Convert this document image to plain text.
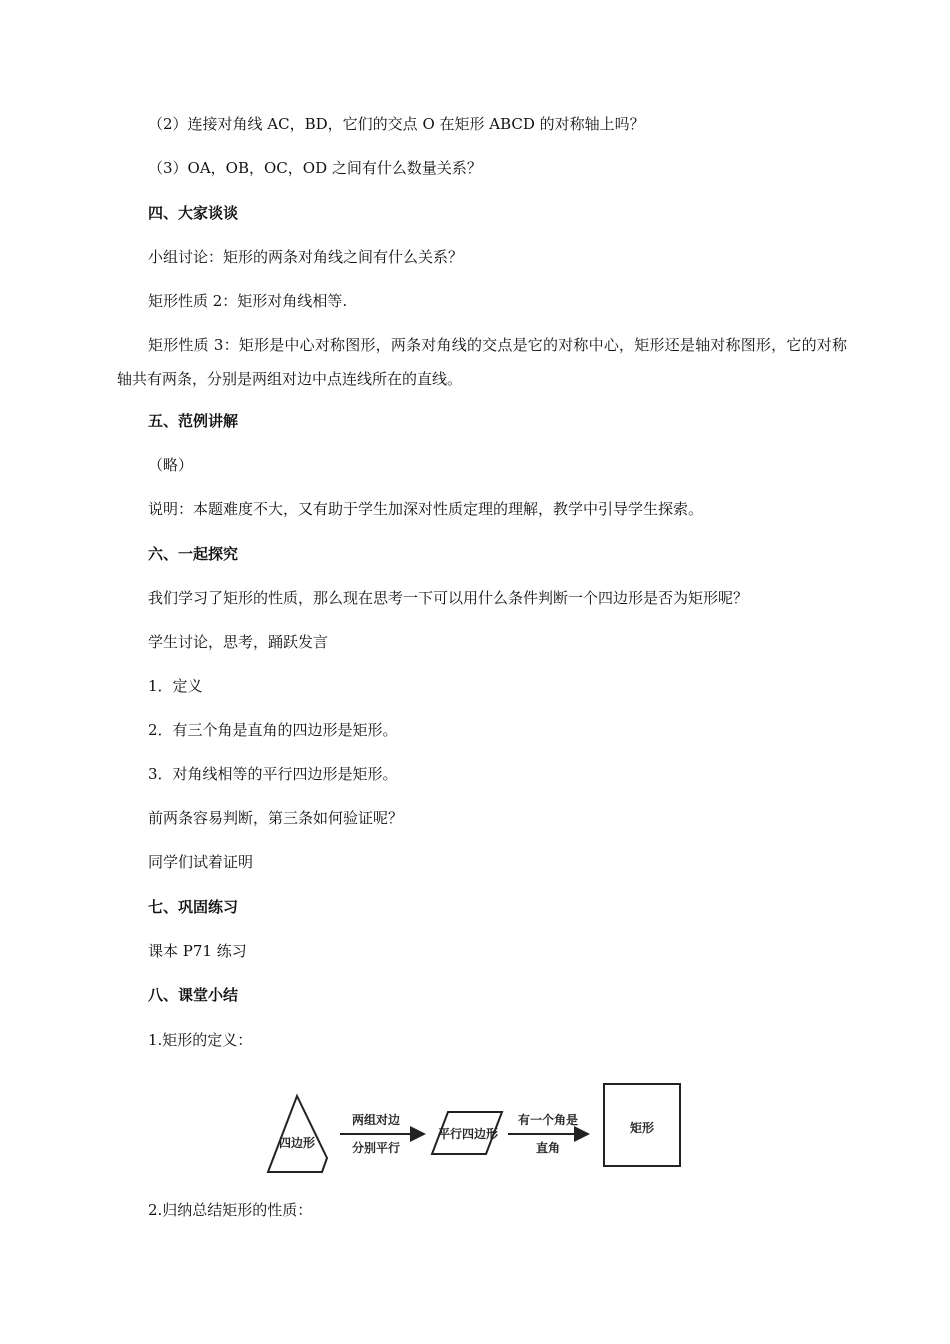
（2）连接对角线 AC，BD，它们的交点 O 在矩形 ABCD 的对称轴上吗？
（3）OA，OB，OC，OD 之间有什么数量关系？
四、大家谈谈
小组讨论：矩形的两条对角线之间有什么关系？
矩形性质 2：矩形对角线相等.
矩形性质 3：矩形是中心对称图形，两条对角线的交点是它的对称中心，矩形还是轴对称图形，它的对称轴共有两条，分别是两组对边中点连线所在的直线。
五、范例讲解
（略）
说明：本题难度不大，又有助于学生加深对性质定理的理解，教学中引导学生探索。
六、一起探究
我们学习了矩形的性质，那么现在思考一下可以用什么条件判断一个四边形是否为矩形呢？
学生讨论，思考，踊跃发言
1．定义
2．有三个角是直角的四边形是矩形。
3．对角线相等的平行四边形是矩形。
前两条容易判断，第三条如何验证呢？
同学们试着证明
七、巩固练习
课本 P71 练习
八、课堂小结
1.矩形的定义：
四边形
两组对边
分别平行
平行四边形
有一个角是
直角
矩形
2.归纳总结矩形的性质：
